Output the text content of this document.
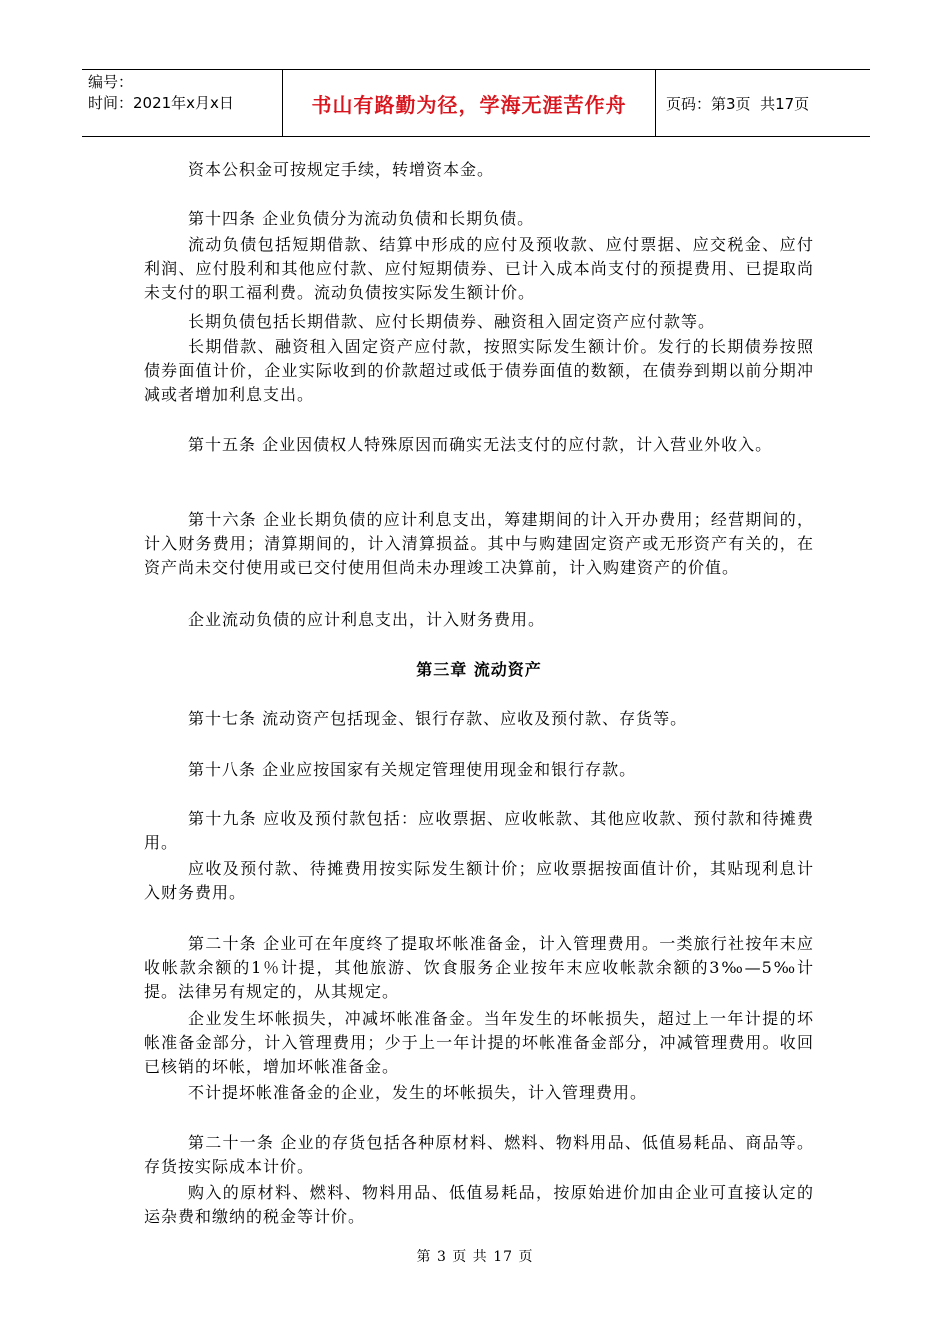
编号：
时间：2021年x月x日	书山有路勤为径，学海无涯苦作舟	页码：第3页  共17页

资本公积金可按规定手续，转增资本金。

第十四条 企业负债分为流动负债和长期负债。

流动负债包括短期借款、结算中形成的应付及预收款、应付票据、应交税金、应付利润、应付股利和其他应付款、应付短期债券、已计入成本尚支付的预提费用、已提取尚未支付的职工福利费。流动负债按实际发生额计价。

长期负债包括长期借款、应付长期债券、融资租入固定资产应付款等。

长期借款、融资租入固定资产应付款，按照实际发生额计价。发行的长期债券按照债券面值计价，企业实际收到的价款超过或低于债券面值的数额，在债券到期以前分期冲减或者增加利息支出。

第十五条 企业因债权人特殊原因而确实无法支付的应付款，计入营业外收入。

第十六条 企业长期负债的应计利息支出，筹建期间的计入开办费用；经营期间的，计入财务费用；清算期间的，计入清算损益。其中与购建固定资产或无形资产有关的，在资产尚未交付使用或已交付使用但尚未办理竣工决算前，计入购建资产的价值。

企业流动负债的应计利息支出，计入财务费用。

第三章 流动资产

第十七条 流动资产包括现金、银行存款、应收及预付款、存货等。

第十八条 企业应按国家有关规定管理使用现金和银行存款。

第十九条 应收及预付款包括：应收票据、应收帐款、其他应收款、预付款和待摊费用。

应收及预付款、待摊费用按实际发生额计价；应收票据按面值计价，其贴现利息计入财务费用。

第二十条 企业可在年度终了提取坏帐准备金，计入管理费用。一类旅行社按年末应收帐款余额的1％计提，其他旅游、饮食服务企业按年末应收帐款余额的3‰—5‰计提。法律另有规定的，从其规定。

企业发生坏帐损失，冲减坏帐准备金。当年发生的坏帐损失，超过上一年计提的坏帐准备金部分，计入管理费用；少于上一年计提的坏帐准备金部分，冲减管理费用。收回已核销的坏帐，增加坏帐准备金。

不计提坏帐准备金的企业，发生的坏帐损失，计入管理费用。

第二十一条 企业的存货包括各种原材料、燃料、物料用品、低值易耗品、商品等。存货按实际成本计价。

购入的原材料、燃料、物料用品、低值易耗品，按原始进价加由企业可直接认定的运杂费和缴纳的税金等计价。

第 3 页 共 17 页
